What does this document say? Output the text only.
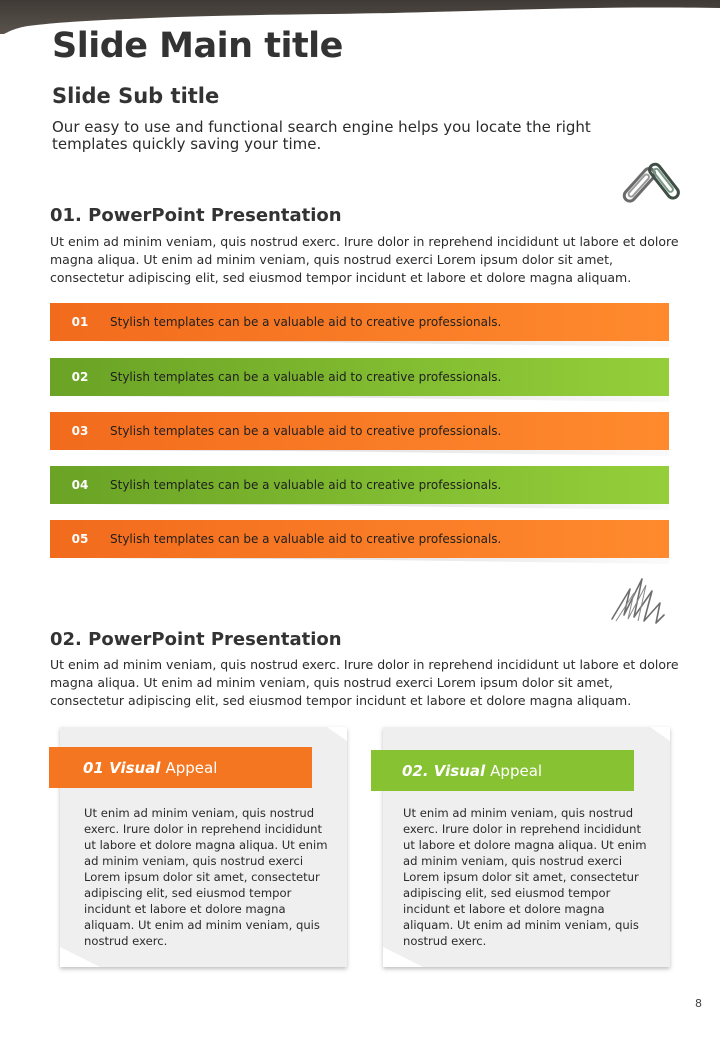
Slide Main title
Slide Sub title
Our easy to use and functional search engine helps you locate the right templates quickly saving your time.
01. PowerPoint Presentation
Ut enim ad minim veniam, quis nostrud exerc. Irure dolor in reprehend incididunt ut labore et dolore magna aliqua. Ut enim ad minim veniam, quis nostrud exerci Lorem ipsum dolor sit amet, consectetur adipiscing elit, sed eiusmod tempor incidunt et labore et dolore magna aliquam.
01	Stylish templates can be a valuable aid to creative professionals.
02	Stylish templates can be a valuable aid to creative professionals.
03	Stylish templates can be a valuable aid to creative professionals.
04	Stylish templates can be a valuable aid to creative professionals.
05	Stylish templates can be a valuable aid to creative professionals.
02. PowerPoint Presentation
Ut enim ad minim veniam, quis nostrud exerc. Irure dolor in reprehend incididunt ut labore et dolore magna aliqua. Ut enim ad minim veniam, quis nostrud exerci Lorem ipsum dolor sit amet, consectetur adipiscing elit, sed eiusmod tempor incidunt et labore et dolore magna aliquam.
01 Visual Appeal
Ut enim ad minim veniam, quis nostrud exerc. Irure dolor in reprehend incididunt ut labore et dolore magna aliqua. Ut enim ad minim veniam, quis nostrud exerci Lorem ipsum dolor sit amet, consectetur adipiscing elit, sed eiusmod tempor incidunt et labore et dolore magna aliquam. Ut enim ad minim veniam, quis nostrud exerc.
02. Visual Appeal
Ut enim ad minim veniam, quis nostrud exerc. Irure dolor in reprehend incididunt ut labore et dolore magna aliqua. Ut enim ad minim veniam, quis nostrud exerci Lorem ipsum dolor sit amet, consectetur adipiscing elit, sed eiusmod tempor incidunt et labore et dolore magna aliquam. Ut enim ad minim veniam, quis nostrud exerc.
8
